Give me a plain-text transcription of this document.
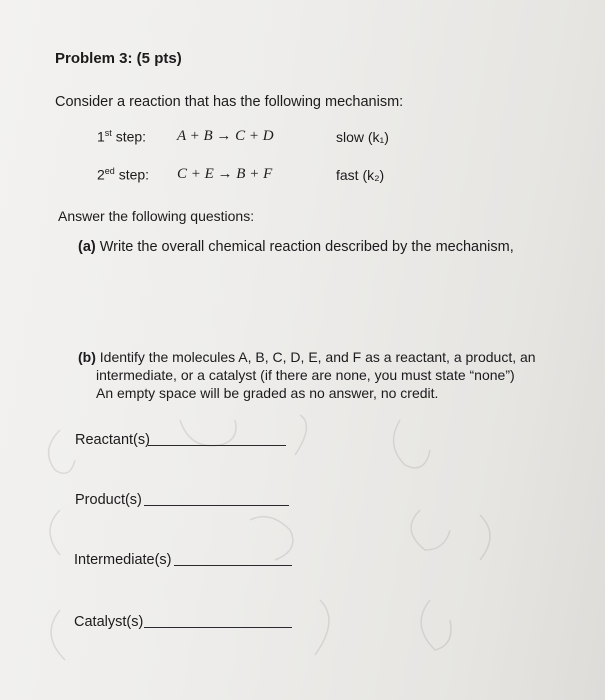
Problem 3: (5 pts)
Consider a reaction that has the following mechanism:
1st step: A + B → C + D	slow (k₁)
$2^{ed}$ step: C + E → B + F	fast (k₂)
Answer the following questions:
(a) Write the overall chemical reaction described by the mechanism,
(b) Identify the molecules A, B, C, D, E, and F as a reactant, a product, an
intermediate, or a catalyst (if there are none, you must state “none”)
An empty space will be graded as no answer, no credit.
Reactant(s)
Product(s)
Intermediate(s)
Catalyst(s)
